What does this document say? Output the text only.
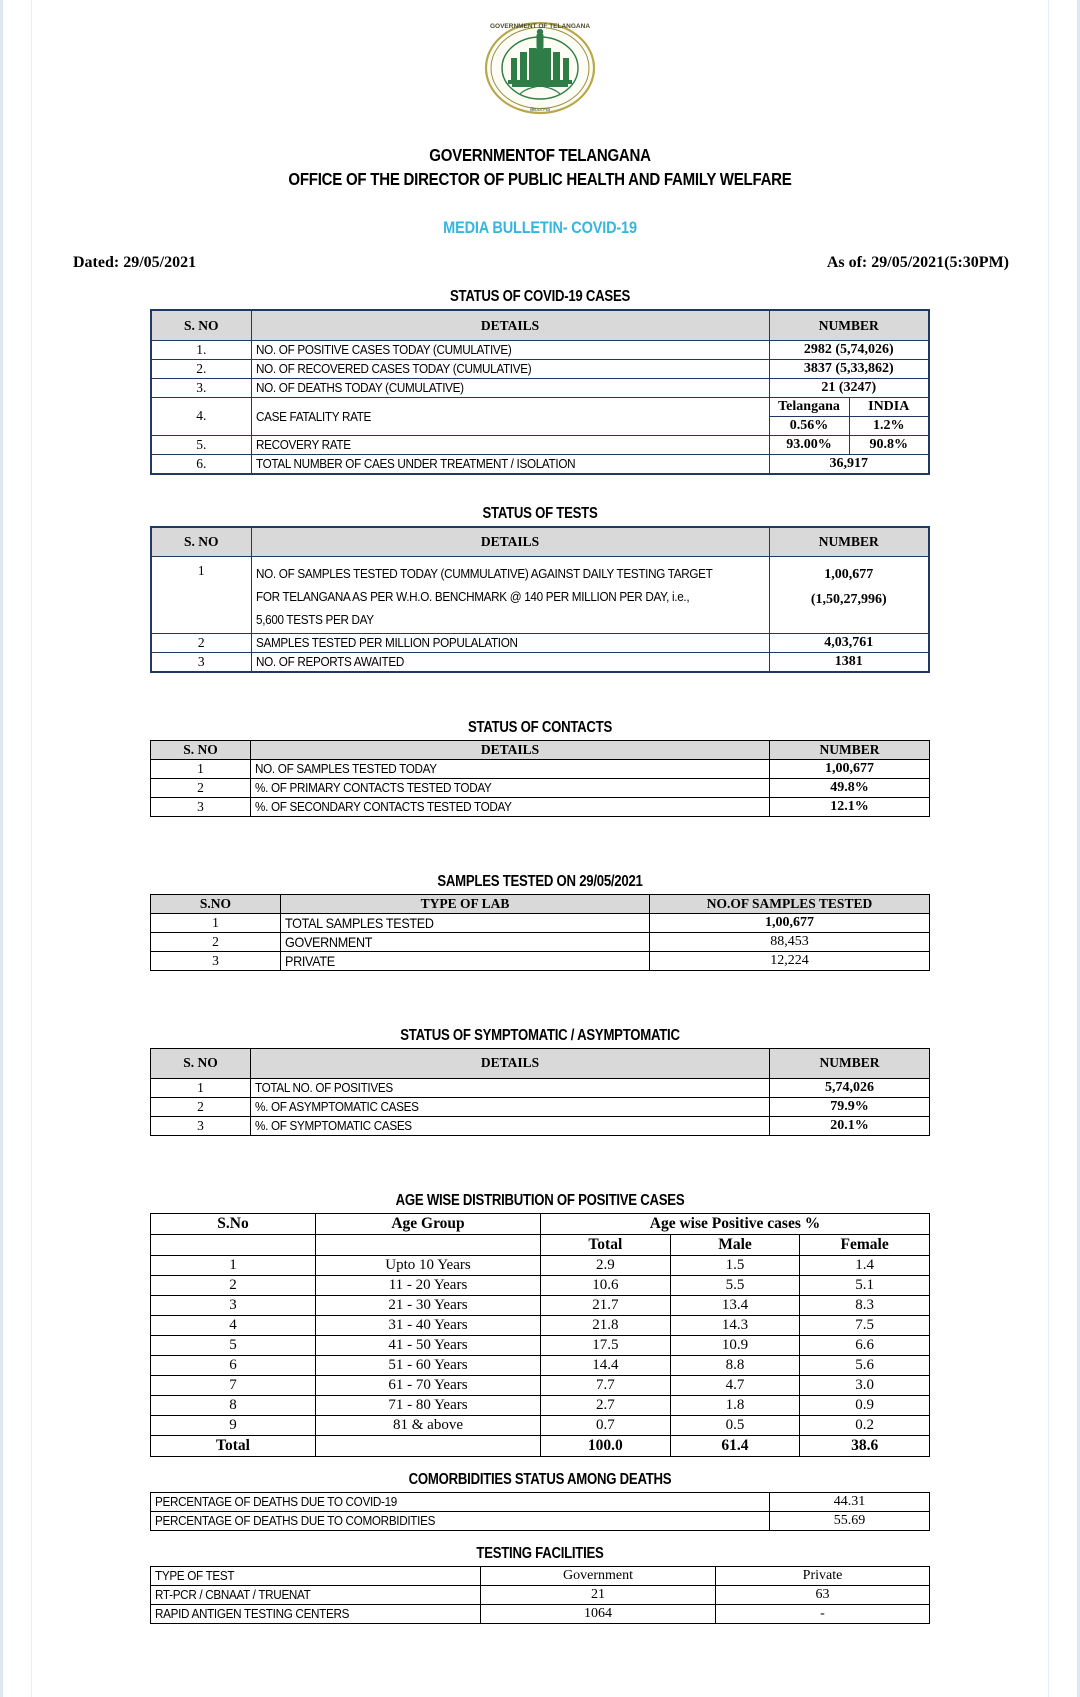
GOVERNMENT OF TELANGANA
తెలంగాణ
GOVERNMENTOF TELANGANA
OFFICE OF THE DIRECTOR OF PUBLIC HEALTH AND FAMILY WELFARE
MEDIA BULLETIN- COVID-19
Dated: 29/05/2021	As of: 29/05/2021(5:30PM)
STATUS OF COVID-19 CASES
S. NO	DETAILS	NUMBER	
1.	NO. OF POSITIVE CASES TODAY (CUMULATIVE)	2982 (5,74,026)	
2.	NO. OF RECOVERED CASES TODAY (CUMULATIVE)	3837 (5,33,862)	
3.	NO. OF DEATHS TODAY (CUMULATIVE)	21 (3247)	
4.	CASE FATALITY RATE	Telangana	INDIA
		0.56%	1.2%
5.	RECOVERY RATE	93.00%	90.8%
6.	TOTAL NUMBER OF CAES UNDER TREATMENT / ISOLATION	36,917	
STATUS OF TESTS
S. NO	DETAILS	NUMBER
1	NO. OF SAMPLES TESTED TODAY (CUMMULATIVE) AGAINST DAILY TESTING TARGET FOR TELANGANA AS PER W.H.O. BENCHMARK @ 140 PER MILLION PER DAY, i.e., 5,600 TESTS PER DAY	1,00,677
(1,50,27,996)

2	SAMPLES TESTED PER MILLION POPULALATION	4,03,761
3	NO. OF REPORTS AWAITED	1381
STATUS OF CONTACTS
S. NO	DETAILS	NUMBER
1	NO. OF SAMPLES TESTED TODAY	1,00,677
2	%. OF PRIMARY CONTACTS TESTED TODAY	49.8%
3	%. OF SECONDARY CONTACTS TESTED TODAY	12.1%
SAMPLES TESTED ON 29/05/2021
S.NO	TYPE OF LAB	NO.OF SAMPLES TESTED
1	TOTAL SAMPLES TESTED	1,00,677
2	GOVERNMENT	88,453
3	PRIVATE	12,224
STATUS OF SYMPTOMATIC / ASYMPTOMATIC
S. NO	DETAILS	NUMBER
1	TOTAL NO. OF POSITIVES	5,74,026
2	%. OF ASYMPTOMATIC CASES	79.9%
3	%. OF SYMPTOMATIC CASES	20.1%
AGE WISE DISTRIBUTION OF POSITIVE CASES
S.No	Age Group	Age wise Positive cases %		
		Total	Male	Female
1	Upto 10 Years	2.9	1.5	1.4
2	11 - 20 Years	10.6	5.5	5.1
3	21 - 30 Years	21.7	13.4	8.3
4	31 - 40 Years	21.8	14.3	7.5
5	41 - 50 Years	17.5	10.9	6.6
6	51 - 60 Years	14.4	8.8	5.6
7	61 - 70 Years	7.7	4.7	3.0
8	71 - 80 Years	2.7	1.8	0.9
9	81 & above	0.7	0.5	0.2
Total		100.0	61.4	38.6
COMORBIDITIES STATUS AMONG DEATHS
PERCENTAGE OF DEATHS DUE TO COVID-19	44.31

PERCENTAGE OF DEATHS DUE TO COMORBIDITIES	55.69
TESTING FACILITIES
TYPE OF TEST	Government	Private

RT-PCR / CBNAAT / TRUENAT	21	63

RAPID ANTIGEN TESTING CENTERS	1064	-
